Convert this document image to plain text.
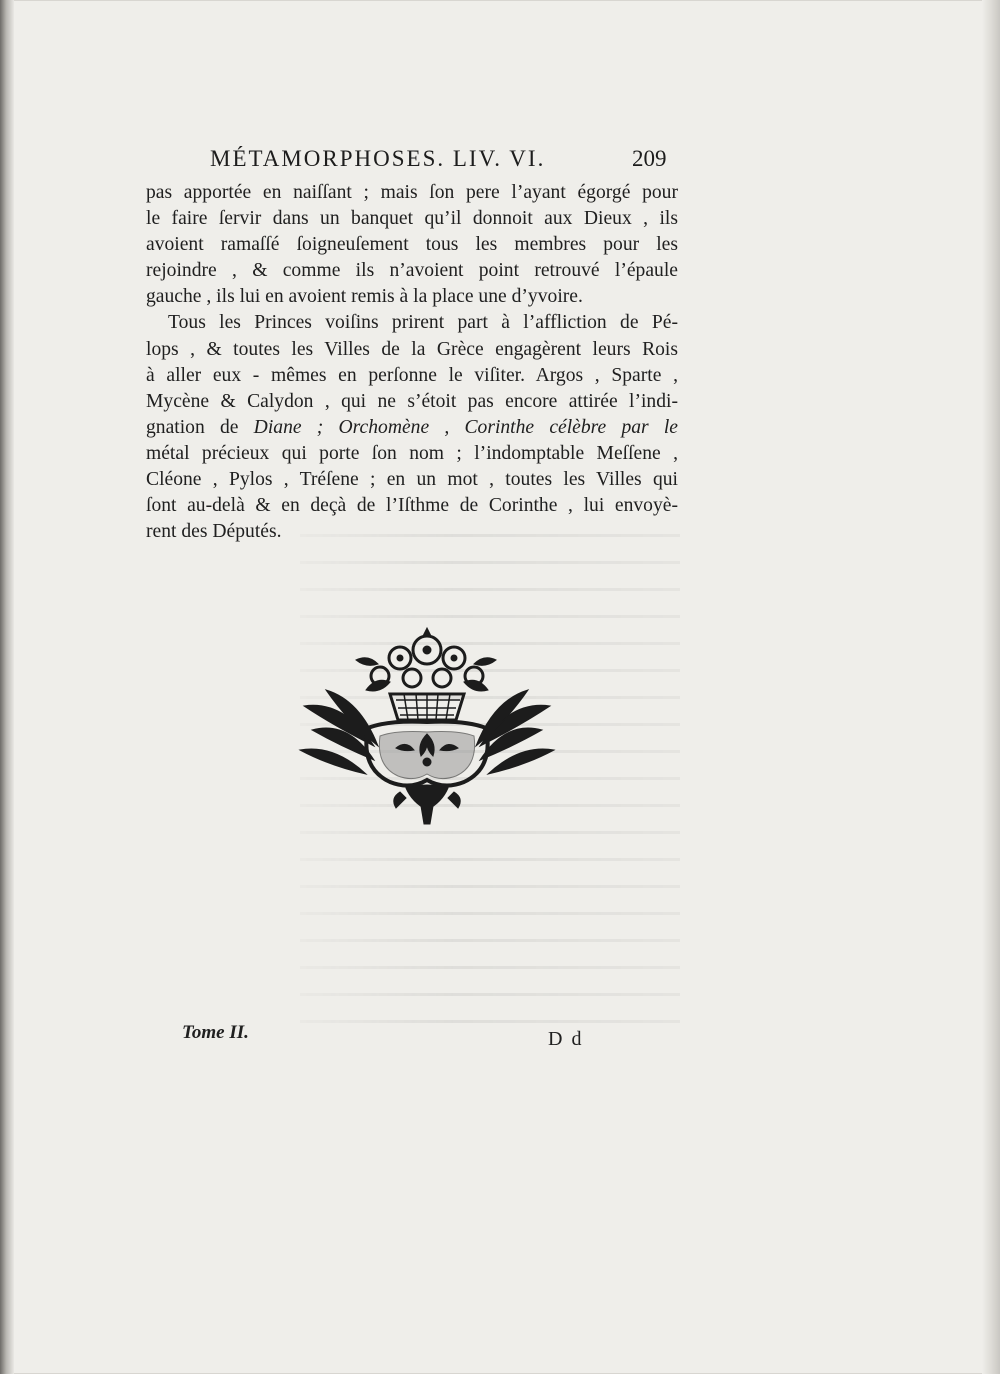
MÉTAMORPHOSES. LIV. VI.	209
pas apportée en naiſſant ; mais ſon pere l’ayant égorgé pour
le faire ſervir dans un banquet qu’il donnoit aux Dieux , ils
avoient ramaſſé ſoigneuſement tous les membres pour les
rejoindre , & comme ils n’avoient point retrouvé l’épaule
gauche , ils lui en avoient remis à la place une d’yvoire.
Tous les Princes voiſins prirent part à l’affliction de Pé-
lops , & toutes les Villes de la Grèce engagèrent leurs Rois
à aller eux - mêmes en perſonne le viſiter. Argos , Sparte ,
Mycène & Calydon , qui ne s’étoit pas encore attirée l’indi-
gnation de Diane ; Orchomène , Corinthe célèbre par le
métal précieux qui porte ſon nom ; l’indomptable Meſſene ,
Cléone , Pylos , Tréſene ; en un mot , toutes les Villes qui
ſont au-delà & en deçà de l’Iſthme de Corinthe , lui envoyè-
rent des Députés.
Tome II.	D d
